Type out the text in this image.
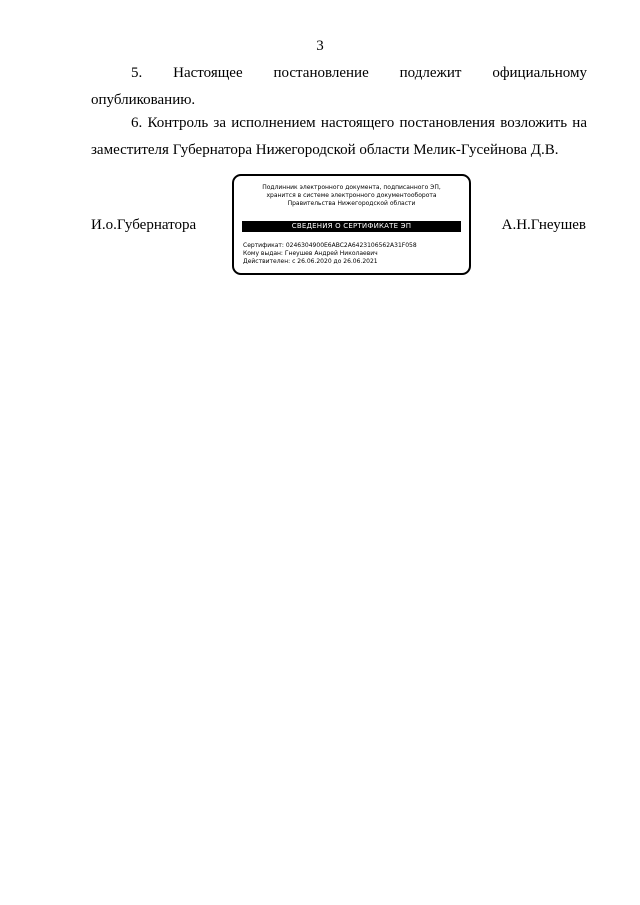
3
5. Настоящее постановление подлежит официальному
опубликованию.
6. Контроль за исполнением настоящего постановления возложить на заместителя Губернатора Нижегородской области Мелик-Гусейнова Д.В.
И.о.Губернатора
Подлинник электронного документа, подписанного ЭП,
хранится в системе электронного документооборота
Правительства Нижегородской области
СВЕДЕНИЯ О СЕРТИФИКАТЕ ЭП
Сертификат: 0246304900E6ABC2A6423106562A31F058
Кому выдан: Гнеушев Андрей Николаевич
Действителен: с 26.06.2020 до 26.06.2021
А.Н.Гнеушев
